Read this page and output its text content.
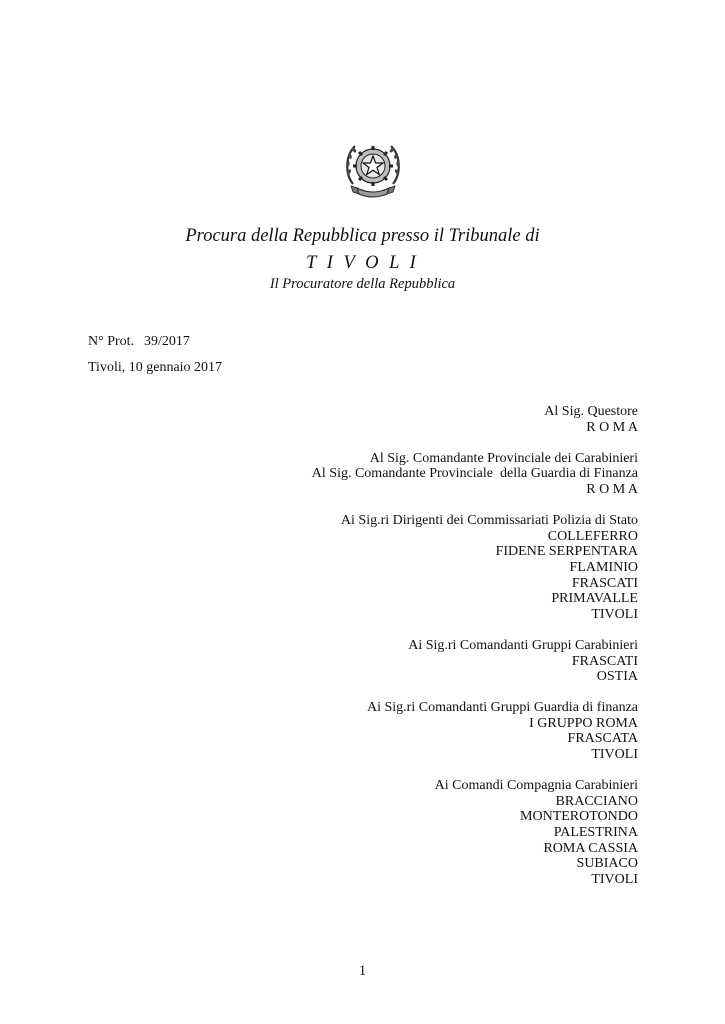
Procura della Repubblica presso il Tribunale di
T I V O L I
Il Procuratore della Repubblica
N° Prot. 39/2017
Tivoli, 10 gennaio 2017
Al Sig. Questore
R O M A
Al Sig. Comandante Provinciale dei Carabinieri
Al Sig. Comandante Provinciale  della Guardia di Finanza
R O M A
Ai Sig.ri Dirigenti dei Commissariati Polizia di Stato
COLLEFERRO
FIDENE SERPENTARA
FLAMINIO
FRASCATI
PRIMAVALLE
TIVOLI
Ai Sig.ri Comandanti Gruppi Carabinieri
FRASCATI
OSTIA
Ai Sig.ri Comandanti Gruppi Guardia di finanza
I GRUPPO ROMA
FRASCATA
TIVOLI
Ai Comandi Compagnia Carabinieri
BRACCIANO
MONTEROTONDO
PALESTRINA
ROMA CASSIA
SUBIACO
TIVOLI
1
